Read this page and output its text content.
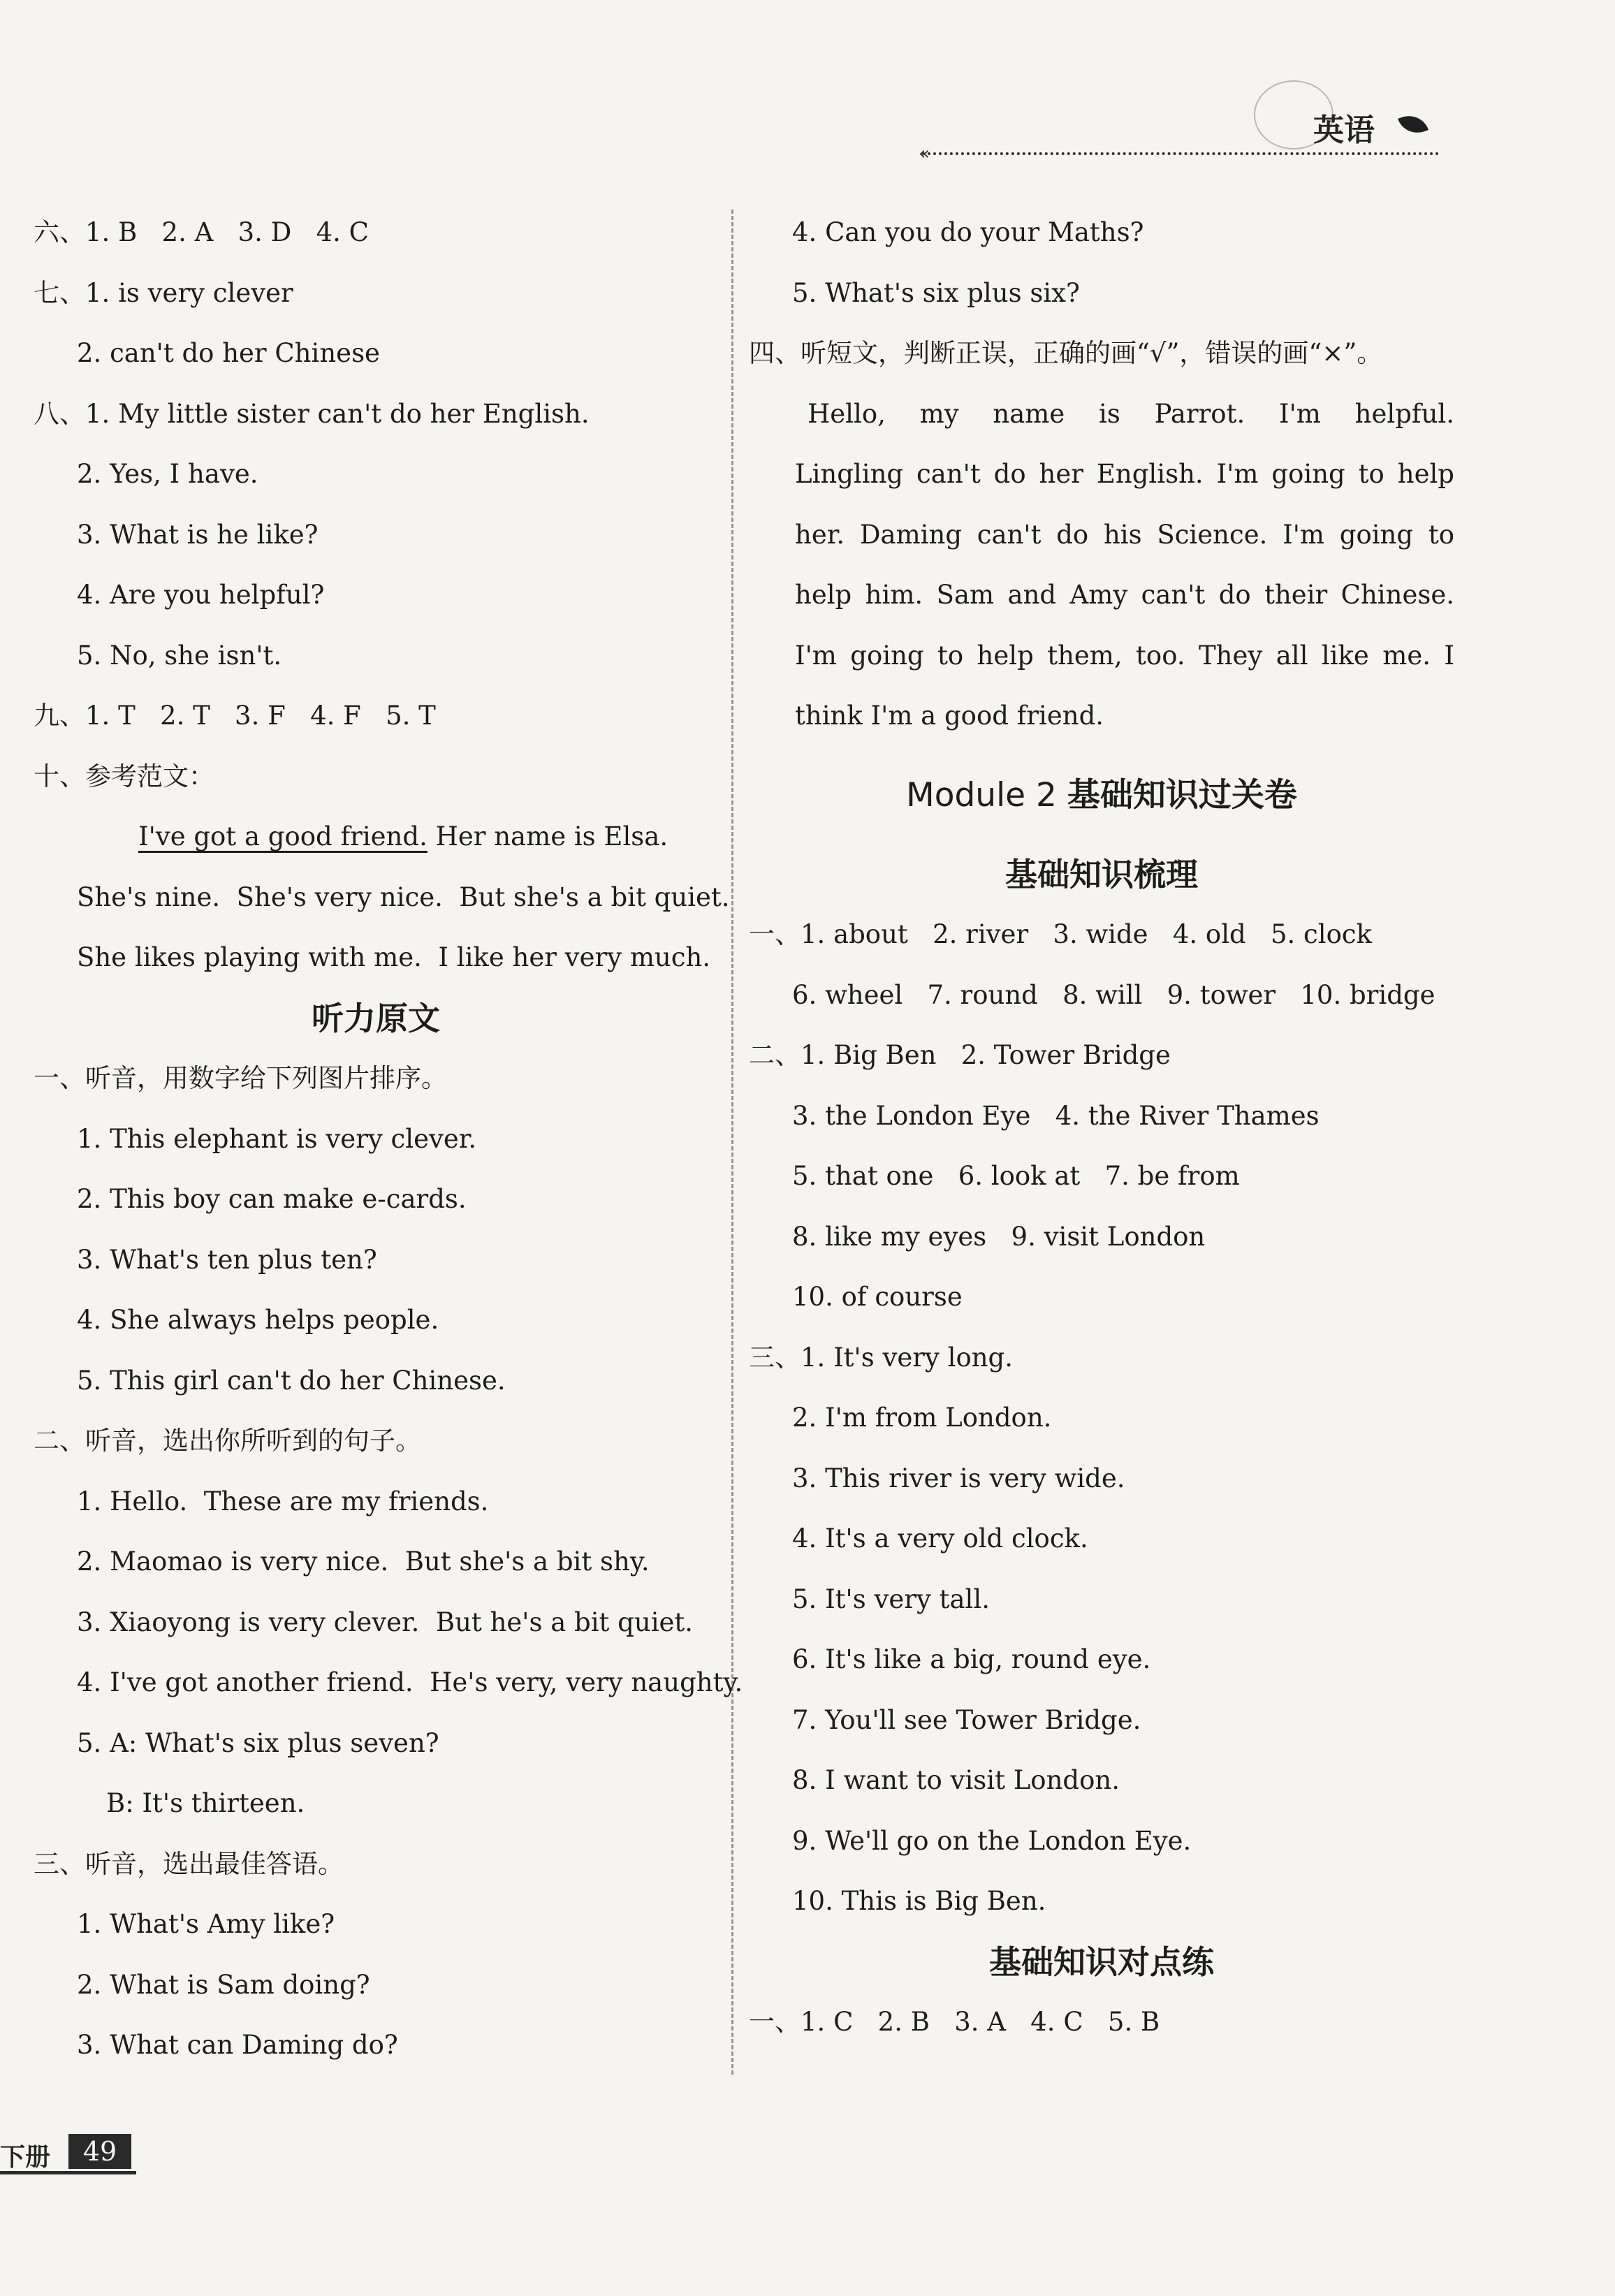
英语
«
六、1. B   2. A   3. D   4. C
七、1. is very clever
2. can't do her Chinese
八、1. My little sister can't do her English.
2. Yes, I have.
3. What is he like?
4. Are you helpful?
5. No, she isn't.
九、1. T   2. T   3. F   4. F   5. T
十、参考范文：
I've got a good friend. Her name is Elsa.
She's nine.  She's very nice.  But she's a bit quiet.
She likes playing with me.  I like her very much.
听力原文
一、听音，用数字给下列图片排序。
1. This elephant is very clever.
2. This boy can make e-cards.
3. What's ten plus ten?
4. She always helps people.
5. This girl can't do her Chinese.
二、听音，选出你所听到的句子。
1. Hello.  These are my friends.
2. Maomao is very nice.  But she's a bit shy.
3. Xiaoyong is very clever.  But he's a bit quiet.
4. I've got another friend.  He's very, very naughty.
5. A: What's six plus seven?
B: It's thirteen.
三、听音，选出最佳答语。
1. What's Amy like?
2. What is Sam doing?
3. What can Daming do?
4. Can you do your Maths?
5. What's six plus six?
四、听短文，判断正误，正确的画“√”，错误的画“×”。
Hello, my name is Parrot. I'm helpful.
Lingling can't do her English. I'm going to help
her. Daming can't do his Science. I'm going to
help him. Sam and Amy can't do their Chinese.
I'm going to help them, too. They all like me. I
think I'm a good friend.
Module 2 基础知识过关卷
基础知识梳理
一、1. about   2. river   3. wide   4. old   5. clock
6. wheel   7. round   8. will   9. tower   10. bridge
二、1. Big Ben   2. Tower Bridge
3. the London Eye   4. the River Thames
5. that one   6. look at   7. be from
8. like my eyes   9. visit London
10. of course
三、1. It's very long.
2. I'm from London.
3. This river is very wide.
4. It's a very old clock.
5. It's very tall.
6. It's like a big, round eye.
7. You'll see Tower Bridge.
8. I want to visit London.
9. We'll go on the London Eye.
10. This is Big Ben.
基础知识对点练
一、1. C   2. B   3. A   4. C   5. B
下册	49
